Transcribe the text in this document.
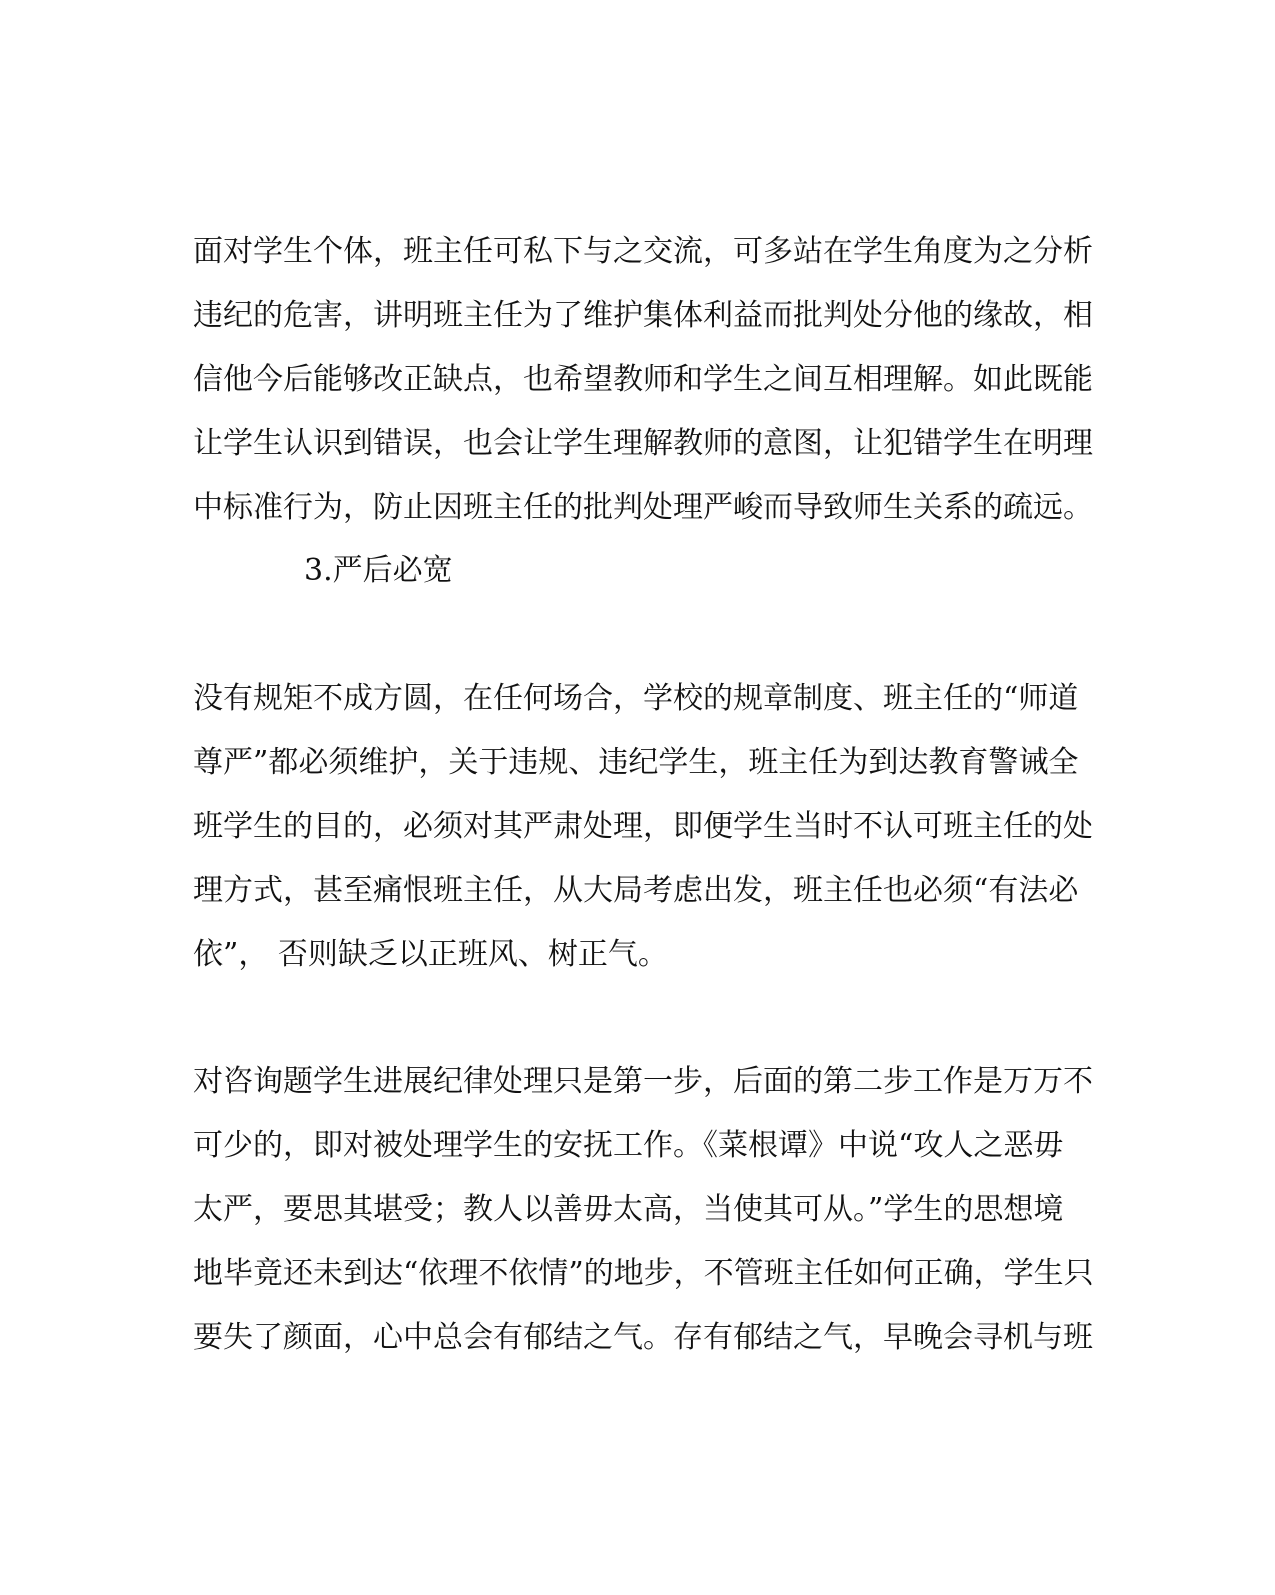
面对学生个体，班主任可私下与之交流，可多站在学生角度为之分析
违纪的危害，讲明班主任为了维护集体利益而批判处分他的缘故，相
信他今后能够改正缺点，也希望教师和学生之间互相理解。如此既能
让学生认识到错误，也会让学生理解教师的意图，让犯错学生在明理
中标准行为，防止因班主任的批判处理严峻而导致师生关系的疏远。
3.严后必宽
没有规矩不成方圆，在任何场合，学校的规章制度、班主任的“师道
尊严”都必须维护，关于违规、违纪学生，班主任为到达教育警诫全
班学生的目的，必须对其严肃处理，即便学生当时不认可班主任的处
理方式，甚至痛恨班主任，从大局考虑出发，班主任也必须“有法必
依”， 否则缺乏以正班风、树正气。
对咨询题学生进展纪律处理只是第一步，后面的第二步工作是万万不
可少的，即对被处理学生的安抚工作。《菜根谭》中说“攻人之恶毋
太严，要思其堪受；教人以善毋太高，当使其可从。”学生的思想境
地毕竟还未到达“依理不依情”的地步，不管班主任如何正确，学生只
要失了颜面，心中总会有郁结之气。存有郁结之气，早晚会寻机与班
